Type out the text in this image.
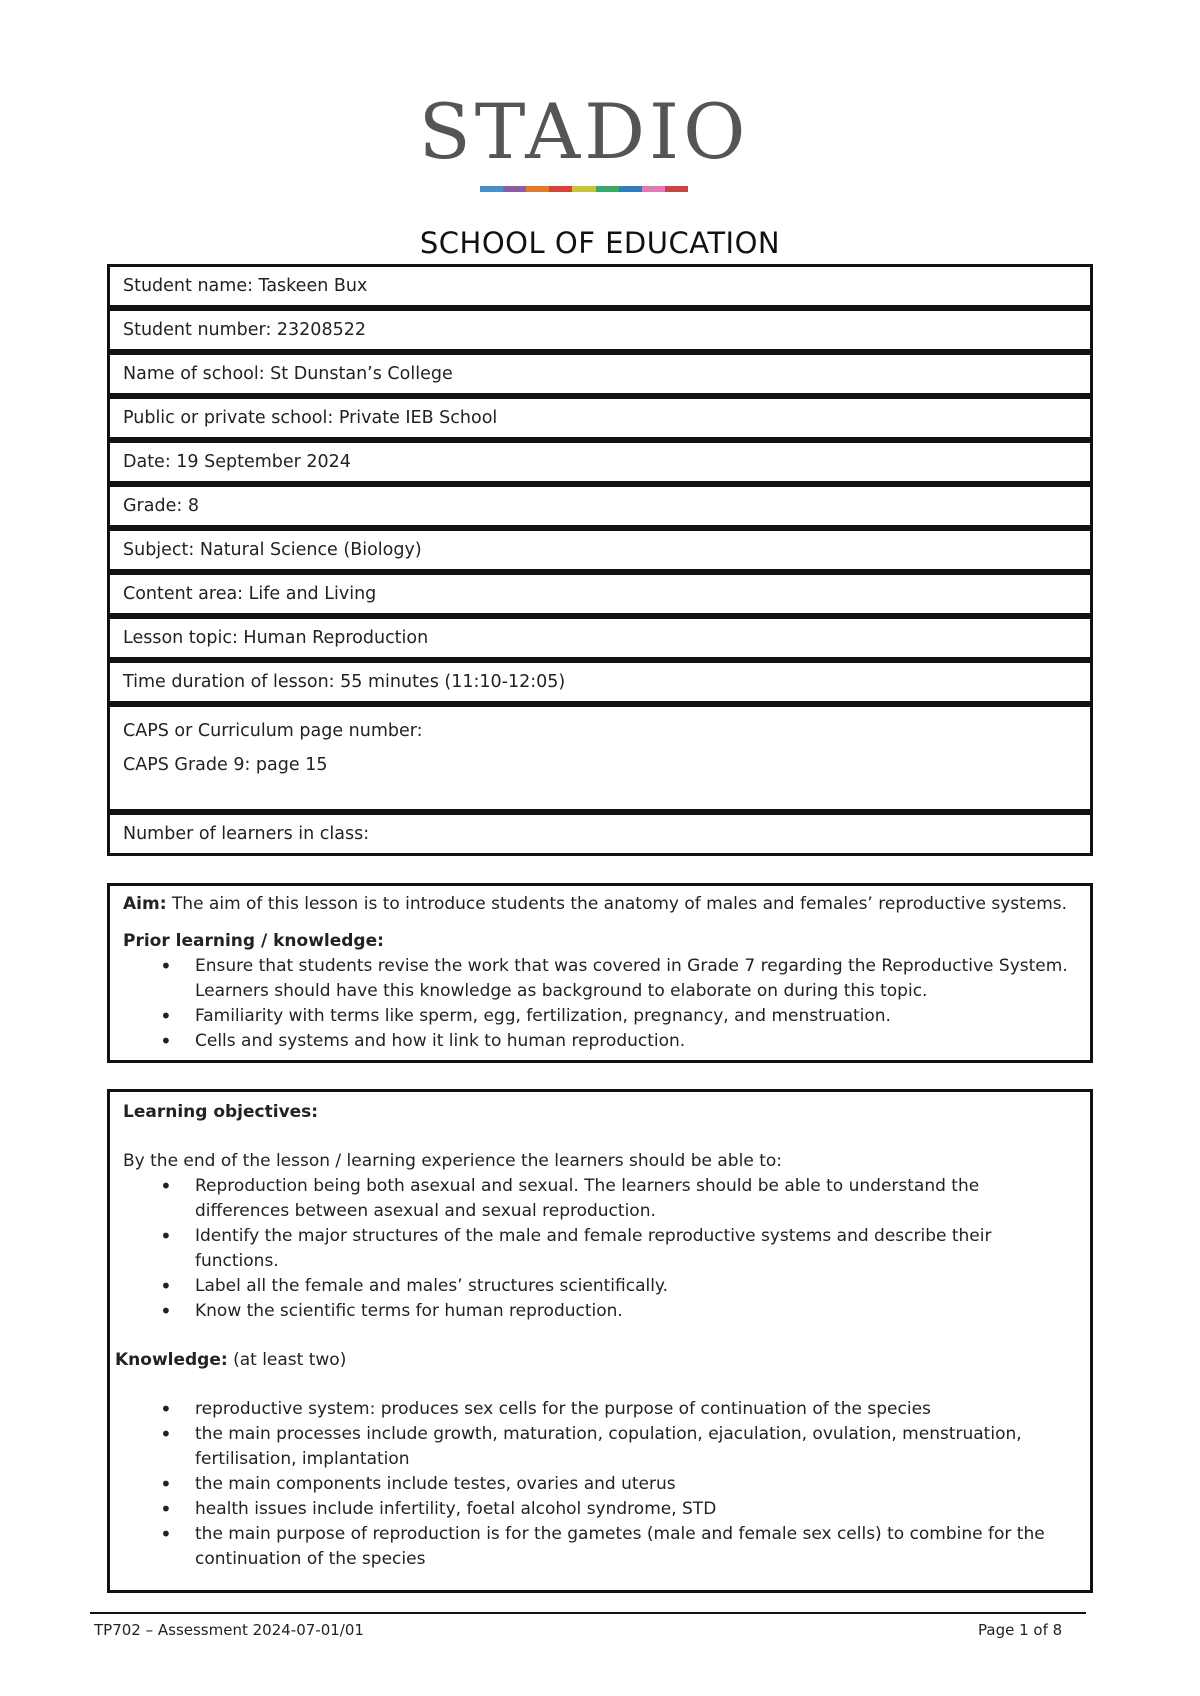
STADIO
SCHOOL OF EDUCATION
Student name: Taskeen Bux
Student number: 23208522
Name of school: St Dunstan’s College
Public or private school: Private IEB School
Date: 19 September 2024
Grade: 8
Subject: Natural Science (Biology)
Content area: Life and Living
Lesson topic: Human Reproduction
Time duration of lesson: 55 minutes (11:10-12:05)
CAPS or Curriculum page number:
CAPS Grade 9: page 15
Number of learners in class:
Aim: The aim of this lesson is to introduce students the anatomy of males and females’ reproductive systems.
Prior learning / knowledge:
• Ensure that students revise the work that was covered in Grade 7 regarding the Reproductive System. Learners should have this knowledge as background to elaborate on during this topic.
• Familiarity with terms like sperm, egg, fertilization, pregnancy, and menstruation.
• Cells and systems and how it link to human reproduction.
Learning objectives:
By the end of the lesson / learning experience the learners should be able to:
• Reproduction being both asexual and sexual. The learners should be able to understand the differences between asexual and sexual reproduction.
• Identify the major structures of the male and female reproductive systems and describe their functions.
• Label all the female and males’ structures scientifically.
• Know the scientific terms for human reproduction.
Knowledge: (at least two)
• reproductive system: produces sex cells for the purpose of continuation of the species
• the main processes include growth, maturation, copulation, ejaculation, ovulation, menstruation, fertilisation, implantation
• the main components include testes, ovaries and uterus
• health issues include infertility, foetal alcohol syndrome, STD
• the main purpose of reproduction is for the gametes (male and female sex cells) to combine for the continuation of the species
TP702 – Assessment 2024-07-01/01	Page 1 of 8
